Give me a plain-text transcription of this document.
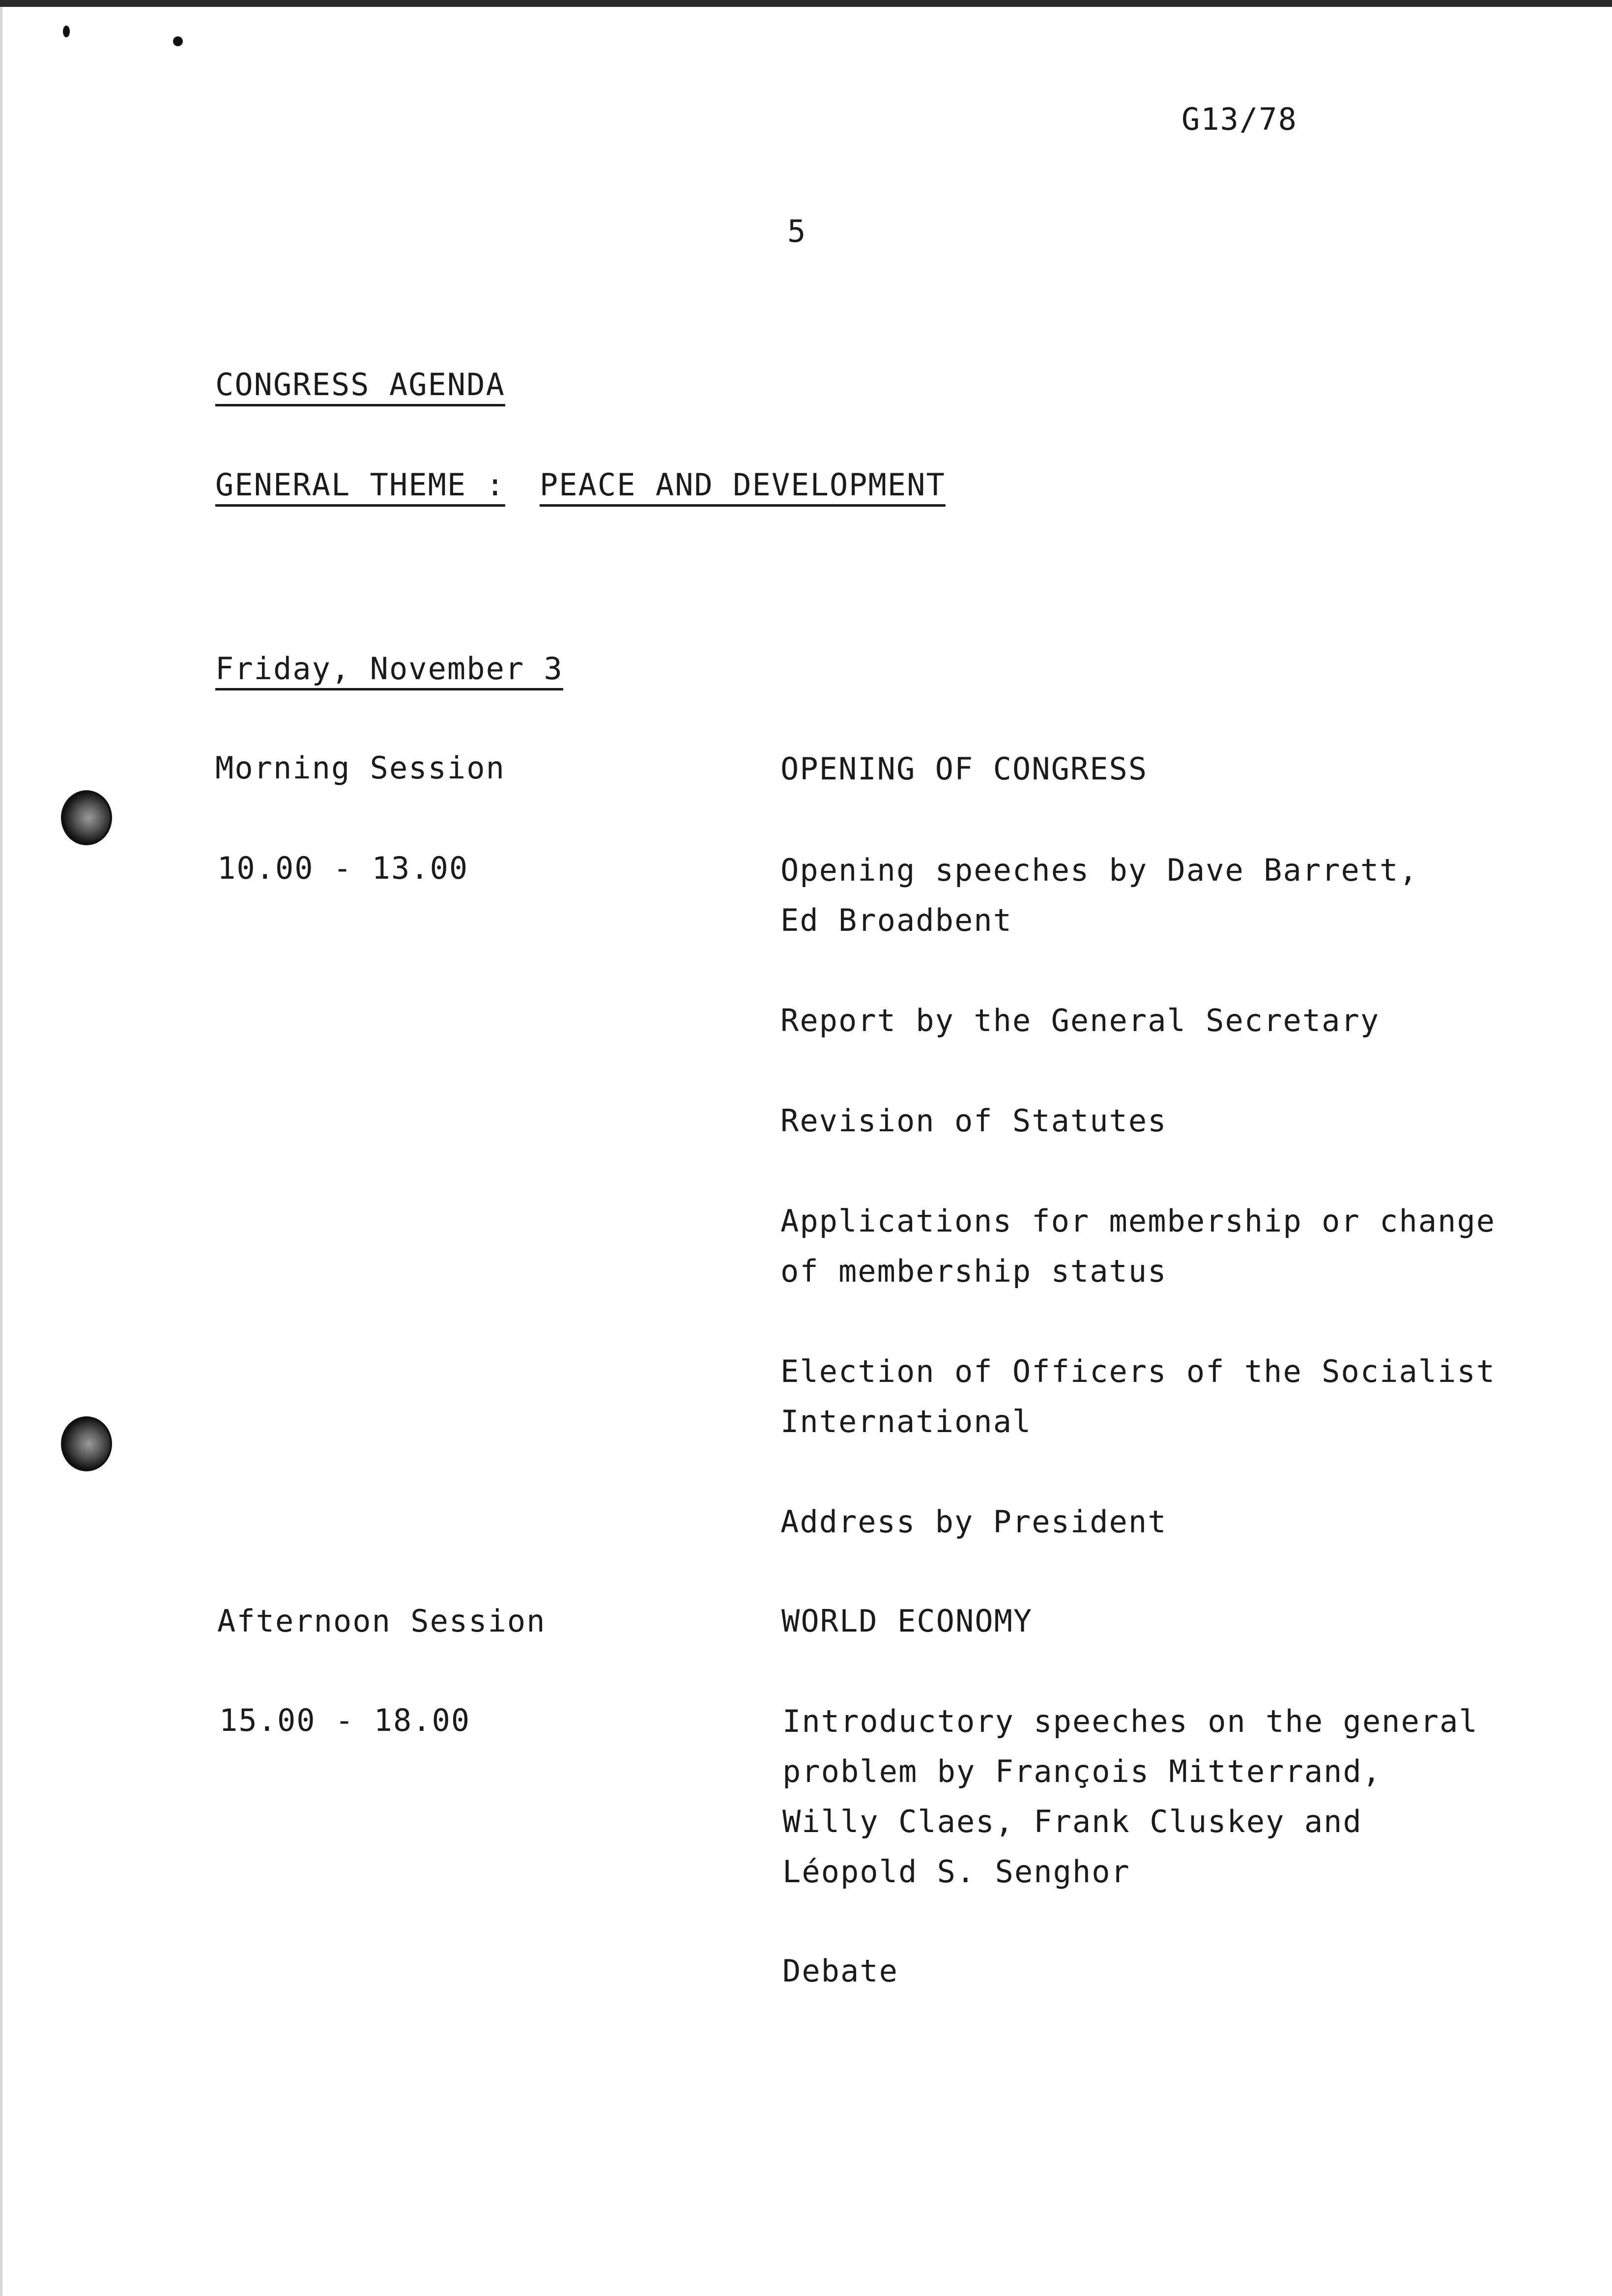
G13/78
5
CONGRESS AGENDA
GENERAL THEME : PEACE AND DEVELOPMENT
Friday, November 3
Morning Session
10.00 - 13.00
OPENING OF CONGRESS
Opening speeches by Dave Barrett,
Ed Broadbent
Report by the General Secretary
Revision of Statutes
Applications for membership or change
of membership status
Election of Officers of the Socialist
International
Address by President
Afternoon Session
15.00 - 18.00
WORLD ECONOMY
Introductory speeches on the general
problem by François Mitterrand,
Willy Claes, Frank Cluskey and
Léopold S. Senghor
Debate
